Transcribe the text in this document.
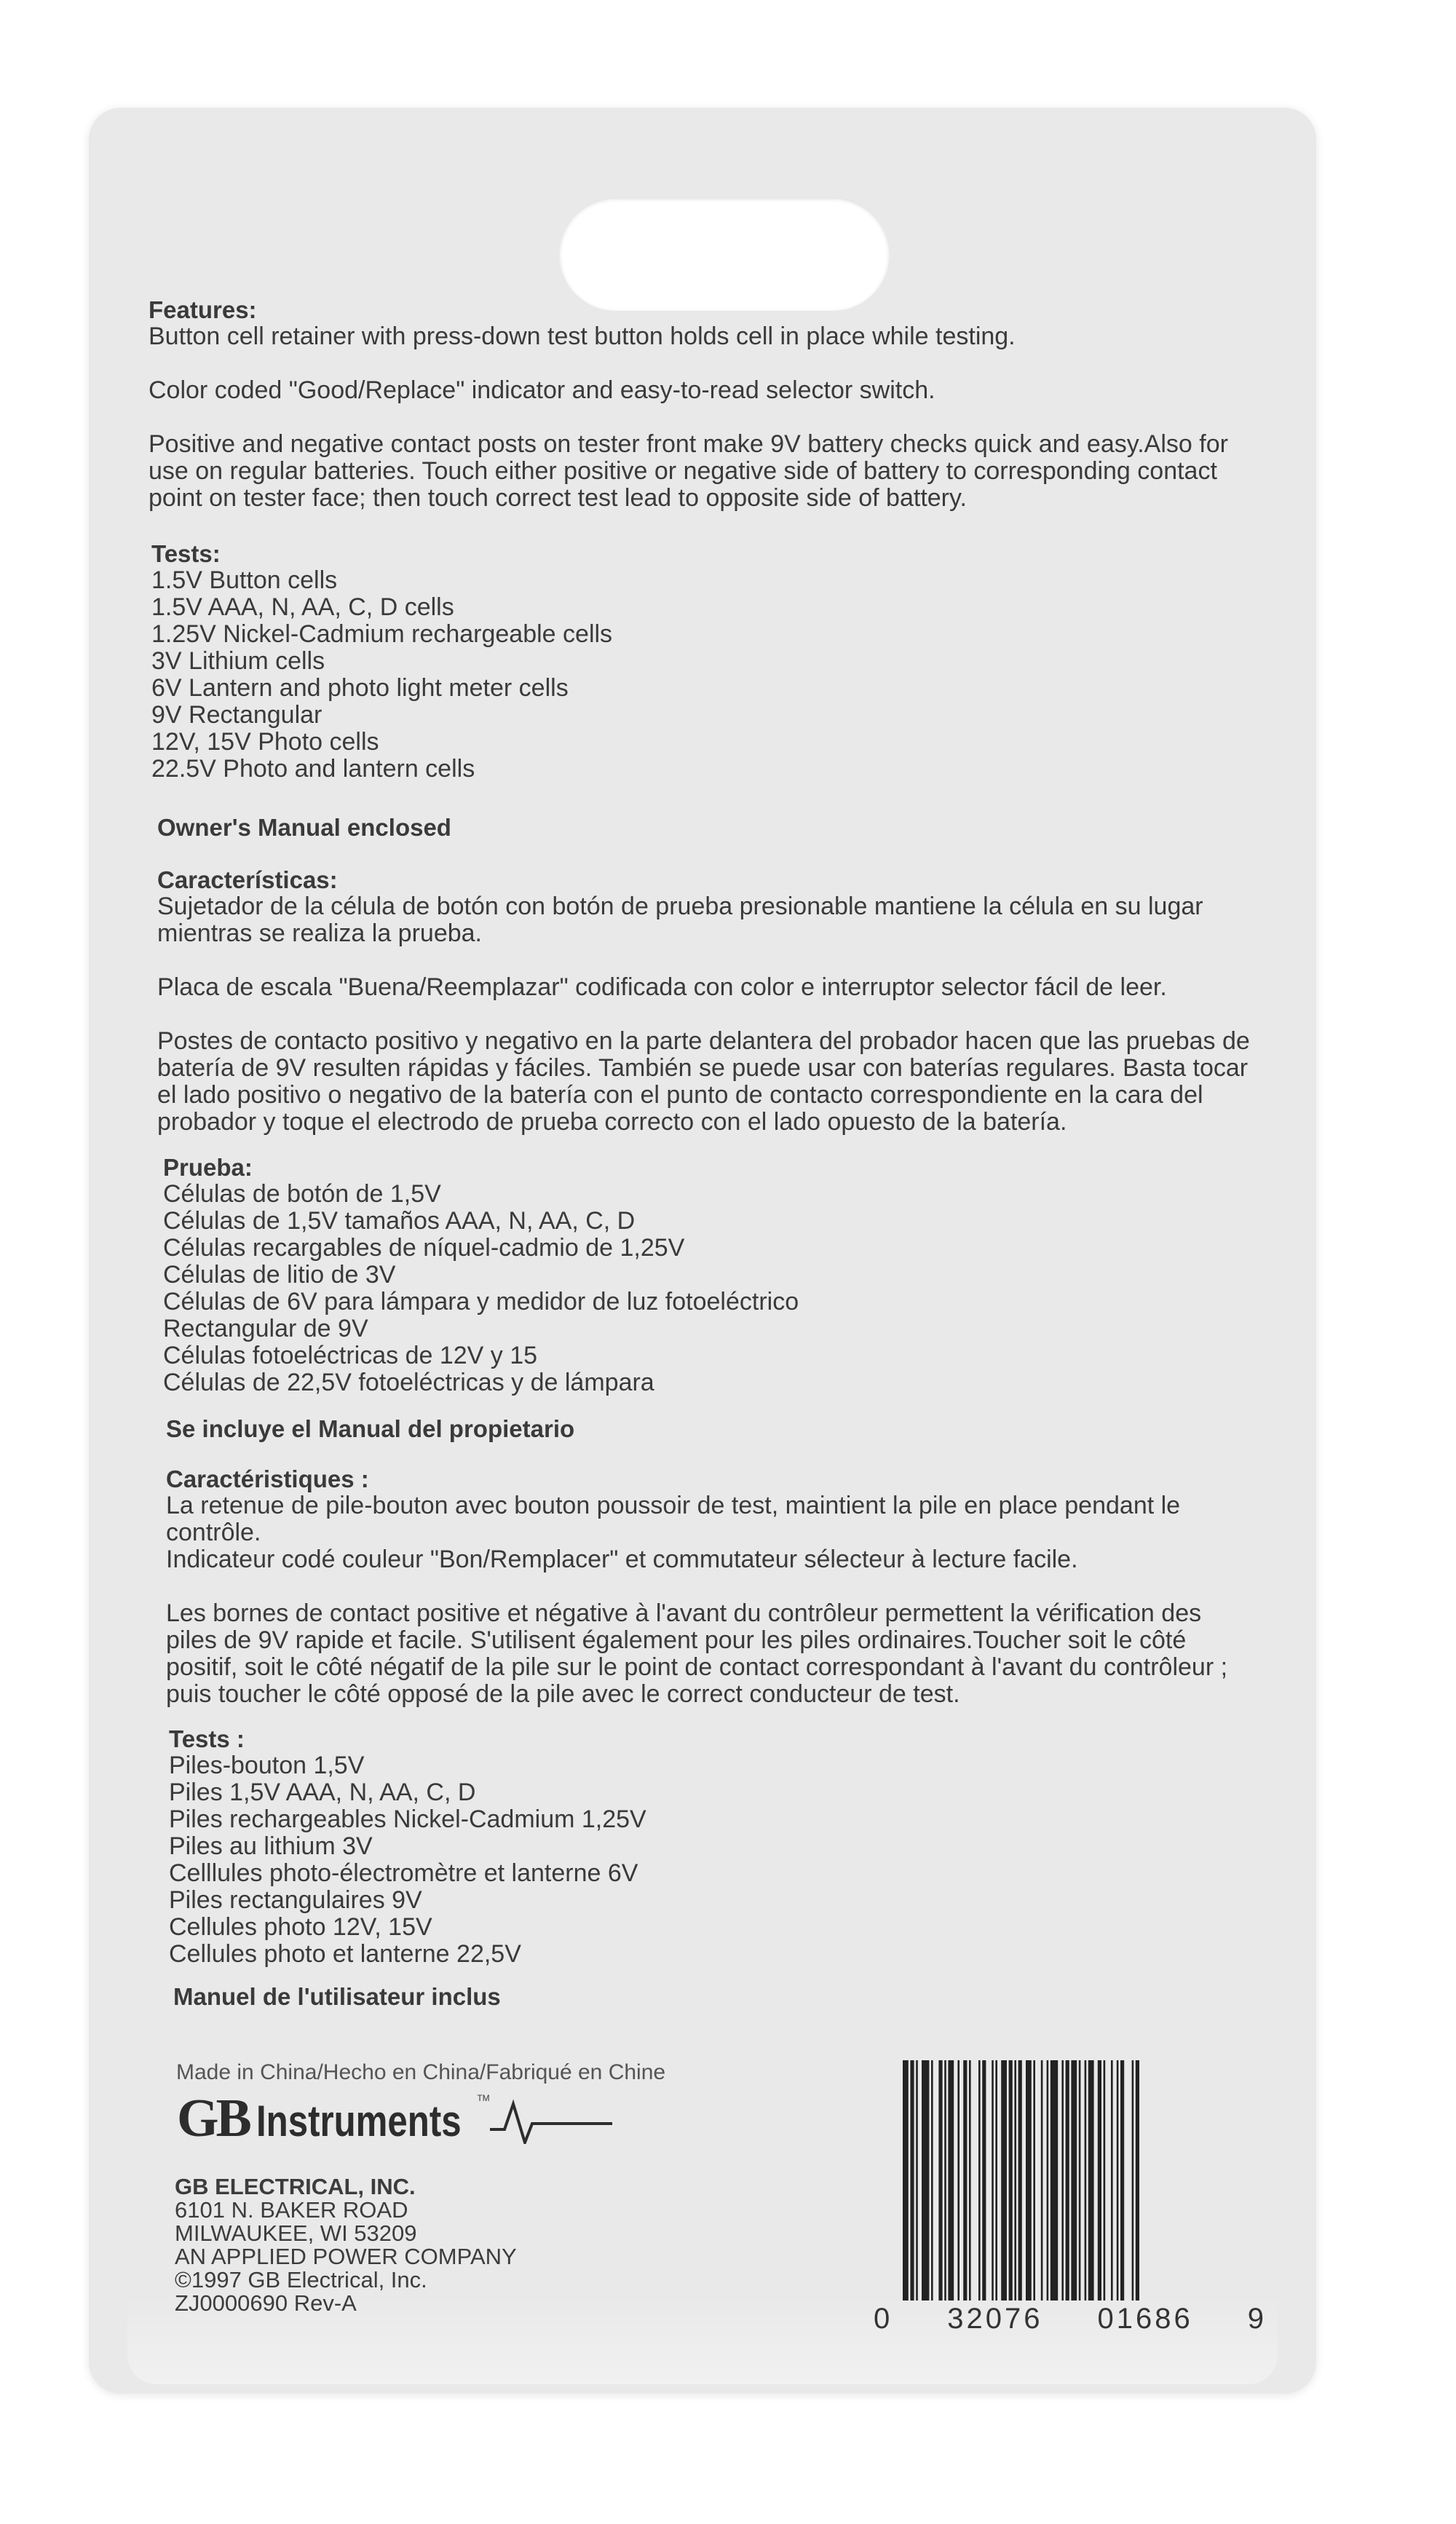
Features:

Button cell retainer with press-down test button holds cell in place while testing.

Color coded "Good/Replace" indicator and easy-to-read selector switch.

Positive and negative contact posts on tester front make 9V battery checks quick and easy.Also for
use on regular batteries. Touch either positive or negative side of battery to corresponding contact
point on tester face; then touch correct test lead to opposite side of battery.

Tests:

1.5V Button cells

1.5V AAA, N, AA, C, D cells

1.25V Nickel-Cadmium rechargeable cells

3V Lithium cells

6V Lantern and photo light meter cells

9V Rectangular

12V, 15V Photo cells

22.5V Photo and lantern cells

Owner's Manual enclosed

Características:

Sujetador de la célula de botón con botón de prueba presionable mantiene la célula en su lugar
mientras se realiza la prueba.

Placa de escala "Buena/Reemplazar" codificada con color e interruptor selector fácil de leer.

Postes de contacto positivo y negativo en la parte delantera del probador hacen que las pruebas de
batería de 9V resulten rápidas y fáciles. También se puede usar con baterías regulares. Basta tocar
el lado positivo o negativo de la batería con el punto de contacto correspondiente en la cara del
probador y toque el electrodo de prueba correcto con el lado opuesto de la batería.

Prueba:

Células de botón de 1,5V

Células de 1,5V tamaños AAA, N, AA, C, D

Células recargables de níquel-cadmio de 1,25V

Células de litio de 3V

Células de 6V para lámpara y medidor de luz fotoeléctrico

Rectangular de 9V

Células fotoeléctricas de 12V y 15

Células de 22,5V fotoeléctricas y de lámpara

Se incluye el Manual del propietario

Caractéristiques :

La retenue de pile-bouton avec bouton poussoir de test, maintient la pile en place pendant le
contrôle.
Indicateur codé couleur "Bon/Remplacer" et commutateur sélecteur à lecture facile.

Les bornes de contact positive et négative à l'avant du contrôleur permettent la vérification des
piles de 9V rapide et facile. S'utilisent également pour les piles ordinaires.Toucher soit le côté
positif, soit le côté négatif de la pile sur le point de contact correspondant à l'avant du contrôleur ;
puis toucher le côté opposé de la pile avec le correct conducteur de test.

Tests :

Piles-bouton 1,5V

Piles 1,5V AAA, N, AA, C, D

Piles rechargeables Nickel-Cadmium 1,25V

Piles au lithium 3V

Celllules photo-électromètre et lanterne 6V

Piles rectangulaires 9V

Cellules photo 12V, 15V

Cellules photo et lanterne 22,5V

Manuel de l'utilisateur inclus

Made in China/Hecho en China/Fabriqué en Chine

GB Instruments TM

GB ELECTRICAL, INC.

6101 N. BAKER ROAD

MILWAUKEE, WI 53209

AN APPLIED POWER COMPANY

©1997 GB Electrical, Inc.

ZJ0000690 Rev-A	0 32076 01686 9
